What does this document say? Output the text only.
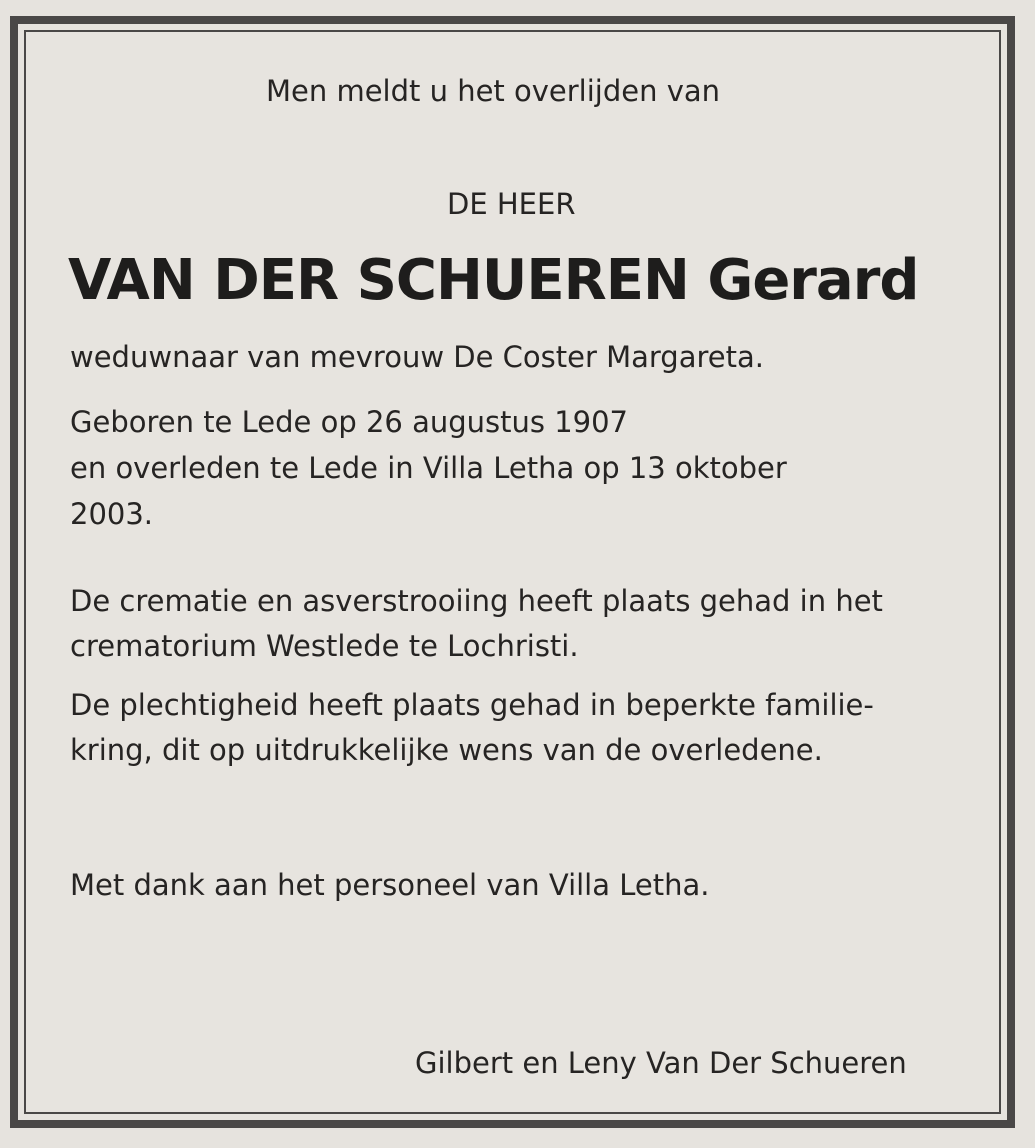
Men meldt u het overlijden van
DE HEER
VAN DER SCHUEREN Gerard
weduwnaar van mevrouw De Coster Margareta.
Geboren te Lede op 26 augustus 1907
en overleden te Lede in Villa Letha op 13 oktober
2003.
De crematie en asverstrooiing heeft plaats gehad in het
crematorium Westlede te Lochristi.
De plechtigheid heeft plaats gehad in beperkte familie-
kring, dit op uitdrukkelijke wens van de overledene.
Met dank aan het personeel van Villa Letha.
Gilbert en Leny Van Der Schueren
